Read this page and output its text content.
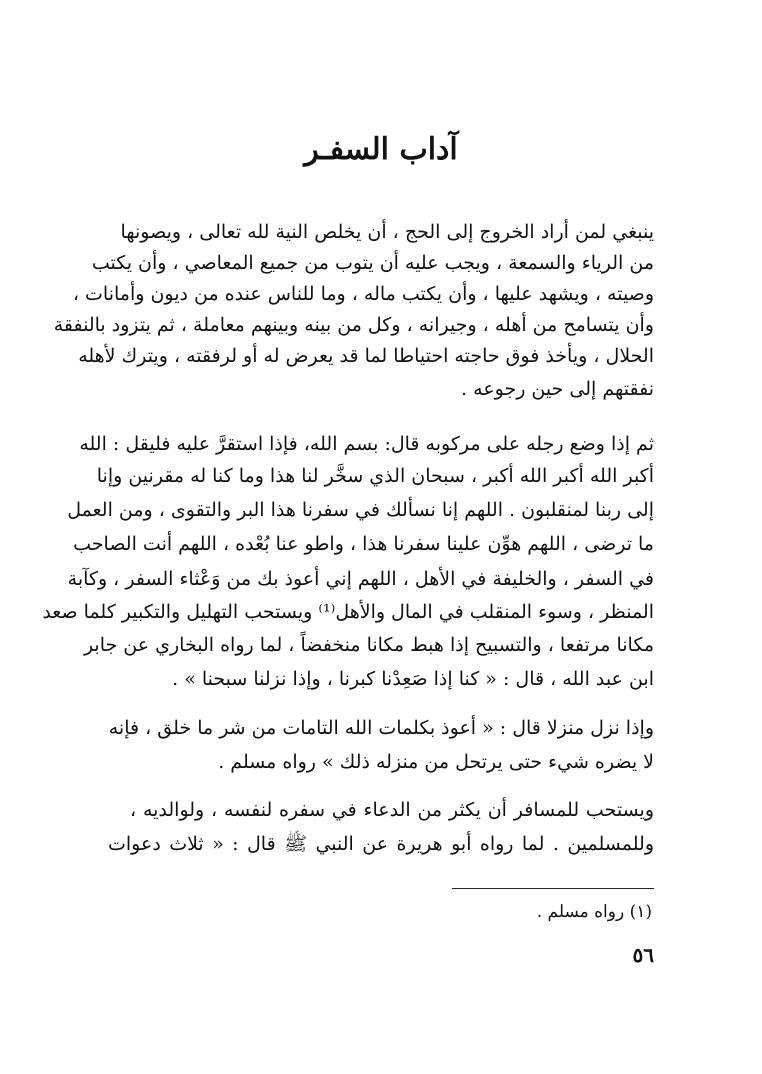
آداب السفـر
ينبغي لمن أراد الخروج إلى الحج ، أن يخلص النية لله تعالى ، ويصونها
من الرياء والسمعة ، ويجب عليه أن يتوب من جميع المعاصي ، وأن يكتب
وصيته ، ويشهد عليها ، وأن يكتب ماله ، وما للناس عنده من ديون وأمانات ،
وأن يتسامح من أهله ، وجيرانه ، وكل من بينه وبينهم معاملة ، ثم يتزود بالنفقة
الحلال ، ويأخذ فوق حاجته احتياطا لما قد يعرض له أو لرفقته ، ويترك لأهله
نفقتهم إلى حين رجوعه .
ثم إذا وضع رجله على مركوبه قال: بسم الله، فإذا استقرَّ عليه فليقل : الله
أكبر الله أكبر الله أكبر ، سبحان الذي سخَّر لنا هذا وما كنا له مقرنين وإنا
إلى ربنا لمنقلبون . اللهم إنا نسألك في سفرنا هذا البر والتقوى ، ومن العمل
ما ترضى ، اللهم هوِّن علينا سفرنا هذا ، واطو عنا بُعْده ، اللهم أنت الصاحب
في السفر ، والخليفة في الأهل ، اللهم إني أعوذ بك من وَعْثاء السفر ، وكآبة
المنظر ، وسوء المنقلب في المال والأهل⁽¹⁾ ويستحب التهليل والتكبير كلما صعد
مكانا مرتفعا ، والتسبيح إذا هبط مكانا منخفضاً ، لما رواه البخاري عن جابر
ابن عبد الله ، قال : « كنا إذا صَعِدْنا كبرنا ، وإذا نزلنا سبحنا » .
وإذا نزل منزلا قال : « أعوذ بكلمات الله التامات من شر ما خلق ، فإنه
لا يضره شيء حتى يرتحل من منزله ذلك » رواه مسلم .
ويستحب للمسافر أن يكثر من الدعاء في سفره لنفسه ، ولوالديه ،
وللمسلمين . لما رواه أبو هريرة عن النبي ﷺ قال : « ثلاث دعوات
(١) رواه مسلم .
٥٦
